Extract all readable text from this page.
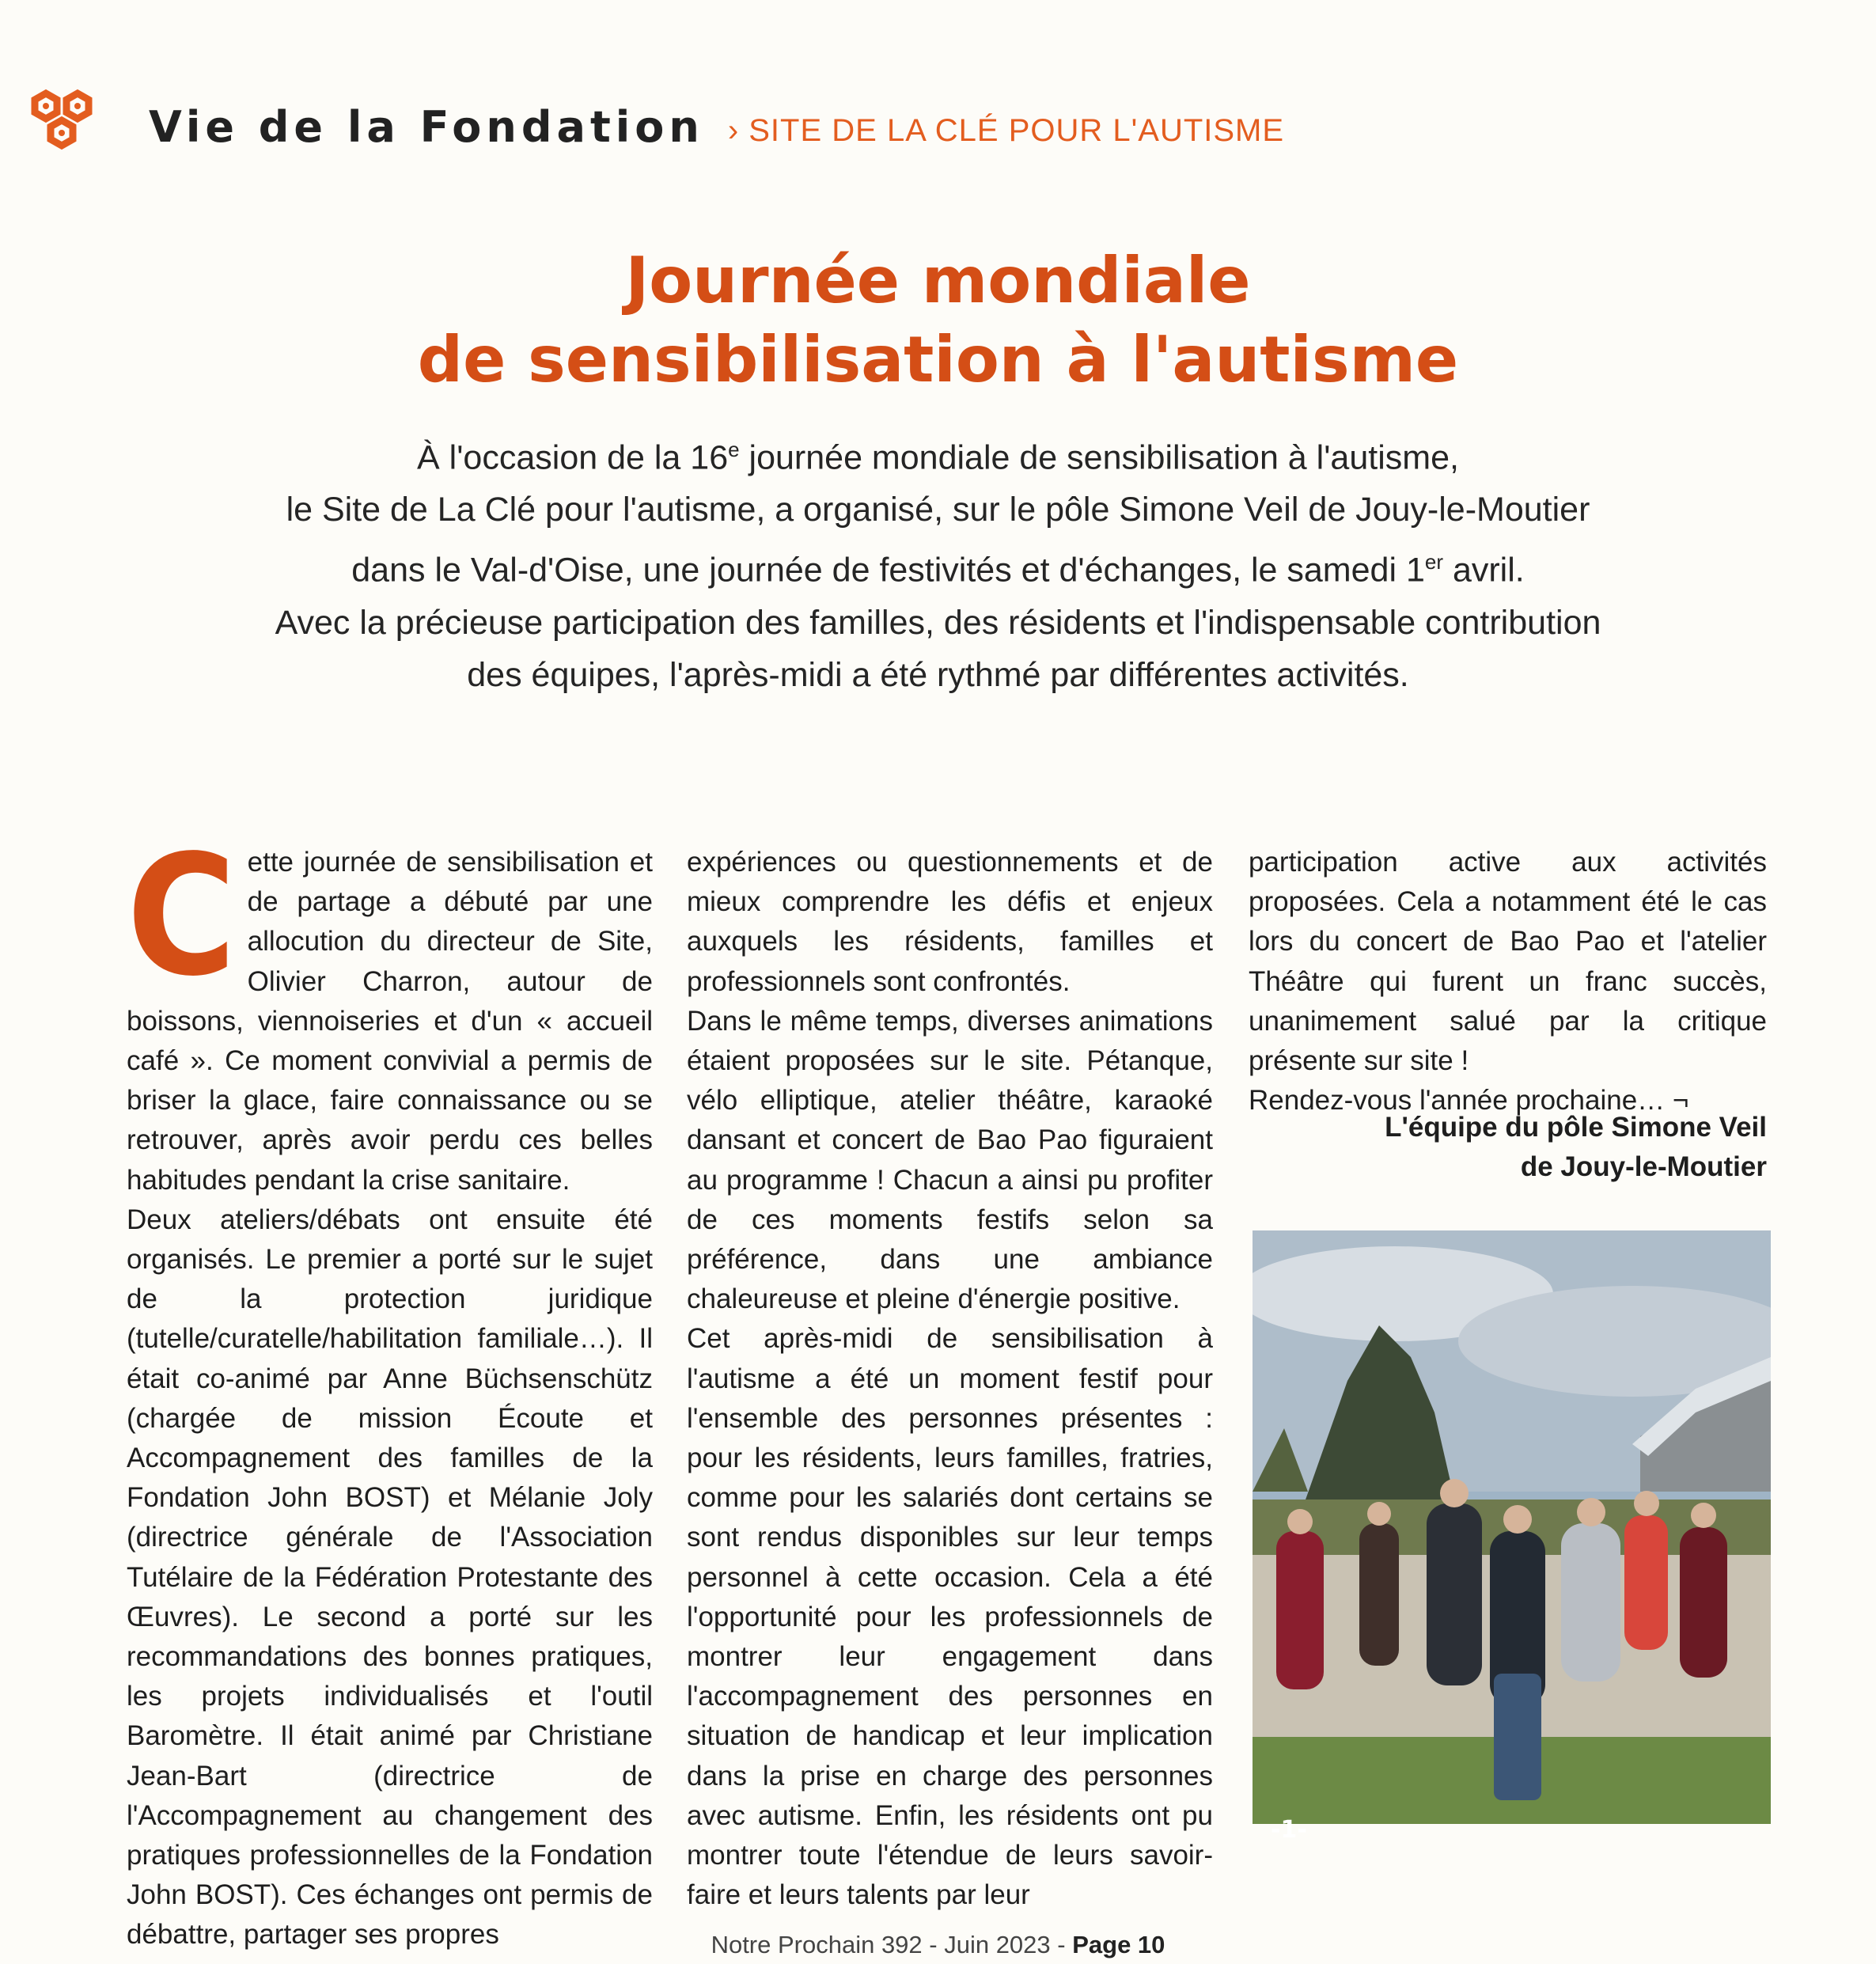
Vie de la Fondation › SITE DE LA CLÉ POUR L'AUTISME
Journée mondiale
de sensibilisation à l'autisme
À l'occasion de la 16e journée mondiale de sensibilisation à l'autisme,
le Site de La Clé pour l'autisme, a organisé, sur le pôle Simone Veil de Jouy-le-Moutier
dans le Val-d'Oise, une journée de festivités et d'échanges, le samedi 1er avril.
Avec la précieuse participation des familles, des résidents et l'indispensable contribution
des équipes, l'après-midi a été rythmé par différentes activités.
C ette journée de sensibilisation et de partage a débuté par une allocution du directeur de Site, Olivier Charron, autour de boissons, viennoiseries et d'un « accueil café ». Ce moment convivial a permis de briser la glace, faire connaissance ou se retrouver, après avoir perdu ces belles habitudes pendant la crise sanitaire.

Deux ateliers/débats ont ensuite été organisés. Le premier a porté sur le sujet de la protection juridique (tutelle/curatelle/habilitation familiale…). Il était co-animé par Anne Büchsenschütz (chargée de mission Écoute et Accompagnement des familles de la Fondation John BOST) et Mélanie Joly (directrice générale de l'Association Tutélaire de la Fédération Protestante des Œuvres). Le second a porté sur les recommandations des bonnes pratiques, les projets individualisés et l'outil Baromètre. Il était animé par Christiane Jean-Bart (directrice de l'Accompagnement au changement des pratiques professionnelles de la Fondation John BOST). Ces échanges ont permis de débattre, partager ses propres

expériences ou questionnements et de mieux comprendre les défis et enjeux auxquels les résidents, familles et professionnels sont confrontés.

Dans le même temps, diverses animations étaient proposées sur le site. Pétanque, vélo elliptique, atelier théâtre, karaoké dansant et concert de Bao Pao figuraient au programme ! Chacun a ainsi pu profiter de ces moments festifs selon sa préférence, dans une ambiance chaleureuse et pleine d'énergie positive.

Cet après-midi de sensibilisation à l'autisme a été un moment festif pour l'ensemble des personnes présentes : pour les résidents, leurs familles, fratries, comme pour les salariés dont certains se sont rendus disponibles sur leur temps personnel à cette occasion. Cela a été l'opportunité pour les professionnels de montrer leur engagement dans l'accompagnement des personnes en situation de handicap et leur implication dans la prise en charge des personnes avec autisme. Enfin, les résidents ont pu montrer toute l'étendue de leurs savoir-faire et leurs talents par leur

participation active aux activités proposées. Cela a notamment été le cas lors du concert de Bao Pao et l'atelier Théâtre qui furent un franc succès, unanimement salué par la critique présente sur site !

Rendez-vous l'année prochaine… ¬

L'équipe du pôle Simone Veil
de Jouy-le-Moutier
-1-
Notre Prochain 392 - Juin 2023 - Page 10
